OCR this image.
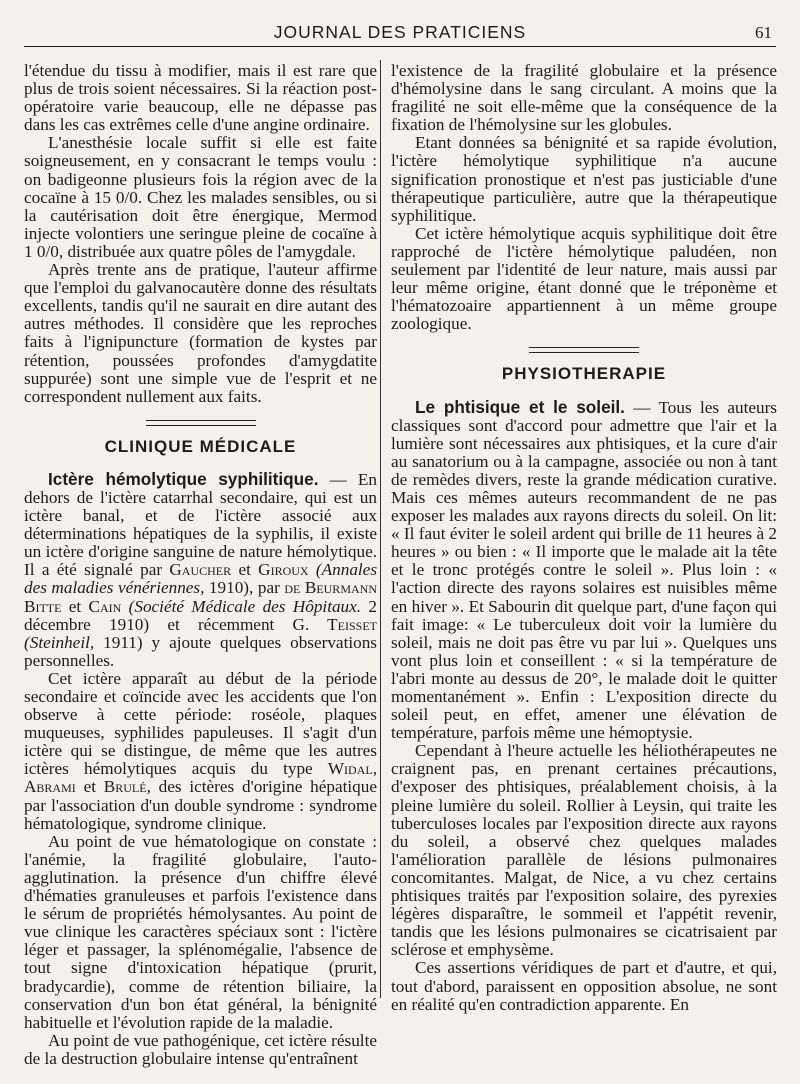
JOURNAL DES PRATICIENS	61

l'étendue du tissu à modifier, mais il est rare que plus de trois soient nécessaires. Si la réaction post-opératoire varie beaucoup, elle ne dépasse pas dans les cas extrêmes celle d'une angine ordinaire.

L'anesthésie locale suffit si elle est faite soigneusement, en y consacrant le temps voulu : on badigeonne plusieurs fois la région avec de la cocaïne à 15 0/0. Chez les malades sensibles, ou si la cautérisation doit être énergique, Mermod injecte volontiers une seringue pleine de cocaïne à 1 0/0, distribuée aux quatre pôles de l'amygdale.

Après trente ans de pratique, l'auteur affirme que l'emploi du galvanocautère donne des résultats excellents, tandis qu'il ne saurait en dire autant des autres méthodes. Il considère que les reproches faits à l'ignipuncture (formation de kystes par rétention, poussées profondes d'amygdatite suppurée) sont une simple vue de l'esprit et ne correspondent nullement aux faits.

CLINIQUE MÉDICALE

Ictère hémolytique syphilitique. — En dehors de l'ictère catarrhal secondaire, qui est un ictère banal, et de l'ictère associé aux déterminations hépatiques de la syphilis, il existe un ictère d'origine sanguine de nature hémolytique. Il a été signalé par Gaucher et Giroux (Annales des maladies vénériennes, 1910), par de Beurmann Bitte et Cain (Société Médicale des Hôpitaux. 2 décembre 1910) et récemment G. Teisset (Steinheil, 1911) y ajoute quelques observations personnelles.

Cet ictère apparaît au début de la période secondaire et coïncide avec les accidents que l'on observe à cette période: roséole, plaques muqueuses, syphilides papuleuses. Il s'agit d'un ictère qui se distingue, de même que les autres ictères hémolytiques acquis du type Widal, Abrami et Brulé, des ictères d'origine hépatique par l'association d'un double syndrome : syndrome hématologique, syndrome clinique.

Au point de vue hématologique on constate : l'anémie, la fragilité globulaire, l'auto-agglutination. la présence d'un chiffre élevé d'hématies granuleuses et parfois l'existence dans le sérum de propriétés hémolysantes. Au point de vue clinique les caractères spéciaux sont : l'ictère léger et passager, la splénomégalie, l'absence de tout signe d'intoxication hépatique (prurit, bradycardie), comme de rétention biliaire, la conservation d'un bon état général, la bénignité habituelle et l'évolution rapide de la maladie.

Au point de vue pathogénique, cet ictère résulte de la destruction globulaire intense qu'entraînent

l'existence de la fragilité globulaire et la présence d'hémolysine dans le sang circulant. A moins que la fragilité ne soit elle-même que la conséquence de la fixation de l'hémolysine sur les globules.

Etant données sa bénignité et sa rapide évolution, l'ictère hémolytique syphilitique n'a aucune signification pronostique et n'est pas justiciable d'une thérapeutique particulière, autre que la thérapeutique syphilitique.

Cet ictère hémolytique acquis syphilitique doit être rapproché de l'ictère hémolytique paludéen, non seulement par l'identité de leur nature, mais aussi par leur même origine, étant donné que le tréponème et l'hématozoaire appartiennent à un même groupe zoologique.

PHYSIOTHERAPIE

Le phtisique et le soleil. — Tous les auteurs classiques sont d'accord pour admettre que l'air et la lumière sont nécessaires aux phtisiques, et la cure d'air au sanatorium ou à la campagne, associée ou non à tant de remèdes divers, reste la grande médication curative. Mais ces mêmes auteurs recommandent de ne pas exposer les malades aux rayons directs du soleil. On lit: « Il faut éviter le soleil ardent qui brille de 11 heures à 2 heures » ou bien : « Il importe que le malade ait la tête et le tronc protégés contre le soleil ». Plus loin : « l'action directe des rayons solaires est nuisibles même en hiver ». Et Sabourin dit quelque part, d'une façon qui fait image: « Le tuberculeux doit voir la lumière du soleil, mais ne doit pas être vu par lui ». Quelques uns vont plus loin et conseillent : « si la température de l'abri monte au dessus de 20°, le malade doit le quitter momentanément ». Enfin : L'exposition directe du soleil peut, en effet, amener une élévation de température, parfois même une hémoptysie.

Cependant à l'heure actuelle les héliothérapeutes ne craignent pas, en prenant certaines précautions, d'exposer des phtisiques, préalablement choisis, à la pleine lumière du soleil. Rollier à Leysin, qui traite les tuberculoses locales par l'exposition directe aux rayons du soleil, a observé chez quelques malades l'amélioration parallèle de lésions pulmonaires concomitantes. Malgat, de Nice, a vu chez certains phtisiques traités par l'exposition solaire, des pyrexies légères disparaître, le sommeil et l'appétit revenir, tandis que les lésions pulmonaires se cicatrisaient par sclérose et emphysème.

Ces assertions véridiques de part et d'autre, et qui, tout d'abord, paraissent en opposition absolue, ne sont en réalité qu'en contradiction apparente. En
